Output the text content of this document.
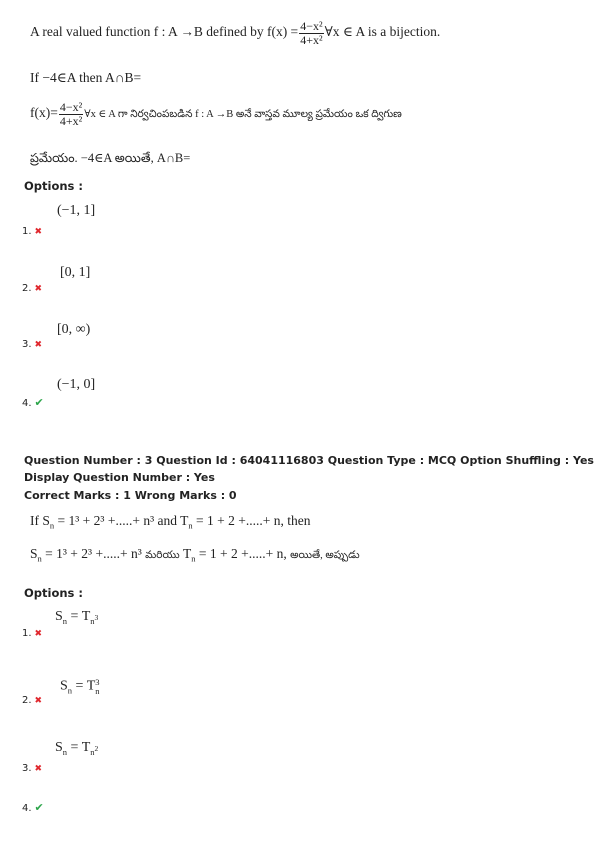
A real valued function f : A →B defined by $f(x) = \frac{\text{4−x²}}{\text{4+x²}}$ ∀x ∈ A is a bijection.
If −4∈A then A∩B=
$f(x)= \frac{\text{4−x²}}{\text{4+x²}}$ ∀x ∈ A గా నిర్వచింపబడిన f : A →B అనే వాస్తవ మూల్య ప్రమేయం ఒక ద్విగుణ
ప్రమేయం. −4∈A అయితే, A∩B=
Options :
(−1, 1]
1. ✖
[0, 1]
2. ✖
[0, ∞)
3. ✖
(−1, 0]
4. ✔
Question Number : 3 Question Id : 64041116803 Question Type : MCQ Option Shuffling : Yes
Display Question Number : Yes
Correct Marks : 1 Wrong Marks : 0
If $S_n = 1^3 + 2^3$ +.....+ n³ and $T_n = 1 + 2$ +.....+ n, then
$S_n = 1^3 + 2^3$ +.....+ n³ మరియు $T_n = 1 + 2$ +.....+ n, అయితే, అప్పుడు
Options :
$S_n = T_{n^3}$
1. ✖
$S_n = T$ 3
n
2. ✖
$S_n = T_{n^2}$
3. ✖
4. ✔
